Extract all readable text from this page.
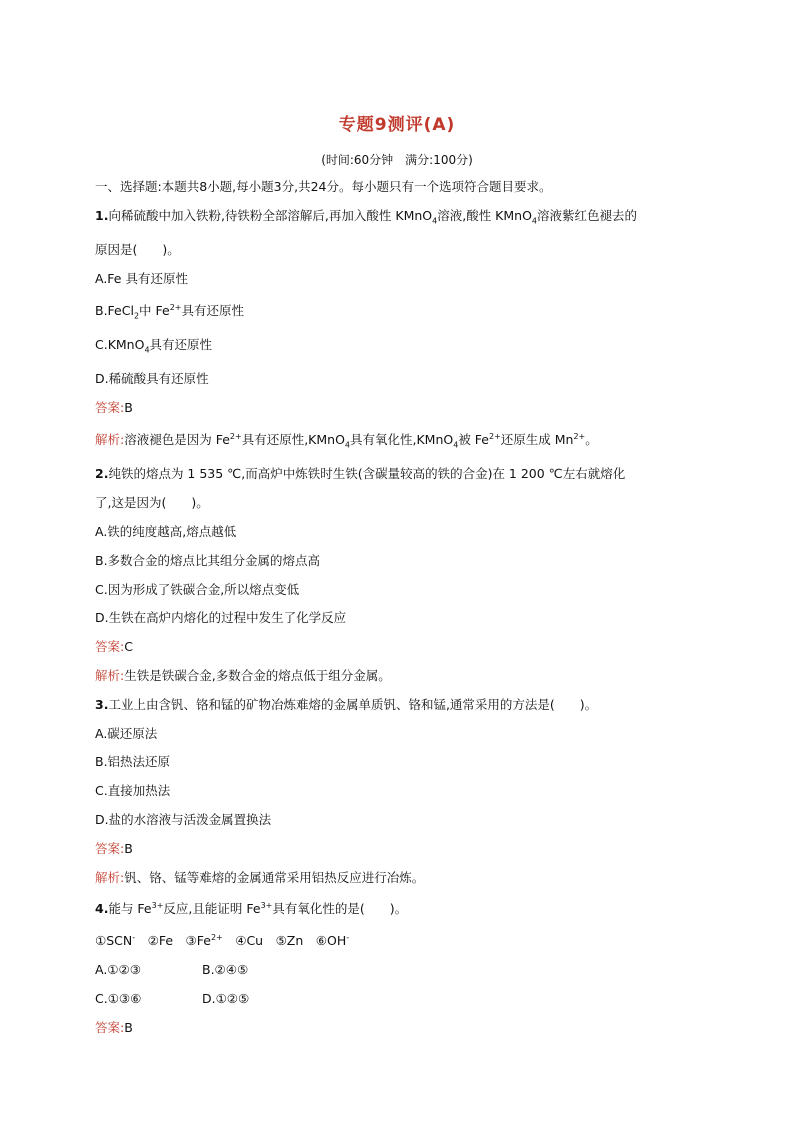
专题9测评(A)
(时间:60分钟　满分:100分)
一、选择题:本题共8小题,每小题3分,共24分。每小题只有一个选项符合题目要求。
1.向稀硫酸中加入铁粉,待铁粉全部溶解后,再加入酸性 KMnO$_4$溶液,酸性 KMnO$_4$溶液紫红色褪去的
原因是(　　)。
A.Fe 具有还原性
B.FeCl$_2$中 $Fe^{2+}$具有还原性
C.KMnO$_4$具有还原性
D.稀硫酸具有还原性
答案:B
解析:溶液褪色是因为 $Fe^{2+}$具有还原性,KMnO$_4$具有氧化性,KMnO$_4$被 $Fe^{2+}$还原生成 $Mn^{2+}$。
2.纯铁的熔点为 1 535 ℃,而高炉中炼铁时生铁(含碳量较高的铁的合金)在 1 200 ℃左右就熔化
了,这是因为(　　)。
A.铁的纯度越高,熔点越低
B.多数合金的熔点比其组分金属的熔点高
C.因为形成了铁碳合金,所以熔点变低
D.生铁在高炉内熔化的过程中发生了化学反应
答案:C
解析:生铁是铁碳合金,多数合金的熔点低于组分金属。
3.工业上由含钒、铬和锰的矿物冶炼难熔的金属单质钒、铬和锰,通常采用的方法是(　　)。
A.碳还原法
B.铝热法还原
C.直接加热法
D.盐的水溶液与活泼金属置换法
答案:B
解析:钒、铬、锰等难熔的金属通常采用铝热反应进行冶炼。
4.能与 $Fe^{3+}$反应,且能证明 $Fe^{3+}$具有氧化性的是(　　)。
①SCN-　②Fe　$③Fe^{2+}$　④Cu　⑤Zn　⑥OH-
A.①②③	B.②④⑤
C.①③⑥	D.①②⑤
答案:B
